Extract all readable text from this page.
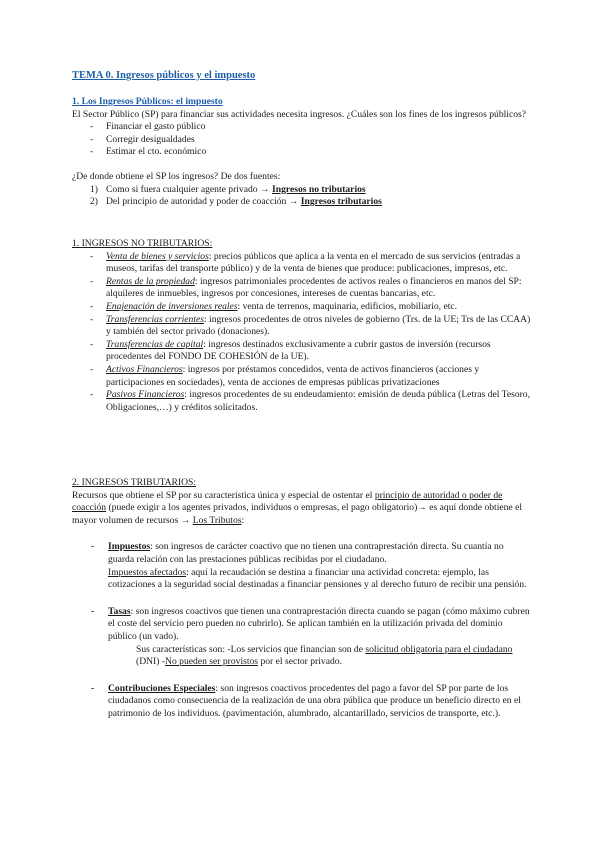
TEMA 0. Ingresos públicos y el impuesto

1. Los Ingresos Públicos: el impuesto

El Sector Público (SP) para financiar sus actividades necesita ingresos. ¿Cuáles son los fines de los ingresos públicos?

- Financiar el gasto público
- Corregir desigualdades
- Estimar el cto. económico

¿De donde obtiene el SP los ingresos? De dos fuentes:

1) Como si fuera cualquier agente privado → Ingresos no tributarios
2) Del principio de autoridad y poder de coacción → Ingresos tributarios

1. INGRESOS NO TRIBUTARIOS:

- Venta de bienes y servicios: precios públicos que aplica a la venta en el mercado de sus servicios (entradas a museos, tarifas del transporte público) y de la venta de bienes que produce: publicaciones, impresos, etc.
- Rentas de la propiedad: ingresos patrimoniales procedentes de activos reales o financieros en manos del SP: alquileres de inmuebles, ingresos por concesiones, intereses de cuentas bancarias, etc.
- Enajenación de inversiones reales: venta de terrenos, maquinaria, edificios, mobiliario, etc.
- Transferencias corrientes: ingresos procedentes de otros niveles de gobierno (Trs. de la UE; Trs de las CCAA) y también del sector privado (donaciones).
- Transferencias de capital: ingresos destinados exclusivamente a cubrir gastos de inversión (recursos procedentes del FONDO DE COHESIÓN de la UE).
- Activos Financieros: ingresos por préstamos concedidos, venta de activos financieros (acciones y participaciones en sociedades), venta de acciones de empresas públicas privatizaciones
- Pasivos Financieros: ingresos procedentes de su endeudamiento: emisión de deuda pública (Letras del Tesoro, Obligaciones,…) y créditos solicitados.

2. INGRESOS TRIBUTARIOS:

Recursos que obtiene el SP por su característica única y especial de ostentar el principio de autoridad o poder de coacción (puede exigir a los agentes privados, individuos o empresas, el pago obligatorio)→ es aquí donde obtiene el mayor volumen de recursos → Los Tributos:

- Impuestos: son ingresos de carácter coactivo que no tienen una contraprestación directa. Su cuantía no guarda relación con las prestaciones públicas recibidas por el ciudadano.
Impuestos afectados: aquí la recaudación se destina a financiar una actividad concreta: ejemplo, las cotizaciones a la seguridad social destinadas a financiar pensiones y al derecho futuro de recibir una pensión.
- Tasas: son ingresos coactivos que tienen una contraprestación directa cuando se pagan (cómo máximo cubren el coste del servicio pero pueden no cubrirlo). Se aplican también en la utilización privada del dominio público (un vado).
Sus características son: -Los servicios que financian son de solicitud obligatoria para el ciudadano (DNI) -No pueden ser provistos por el sector privado.
- Contribuciones Especiales: son ingresos coactivos procedentes del pago a favor del SP por parte de los ciudadanos como consecuencia de la realización de una obra pública que produce un beneficio directo en el patrimonio de los individuos. (pavimentación, alumbrado, alcantarillado, servicios de transporte, etc.).
